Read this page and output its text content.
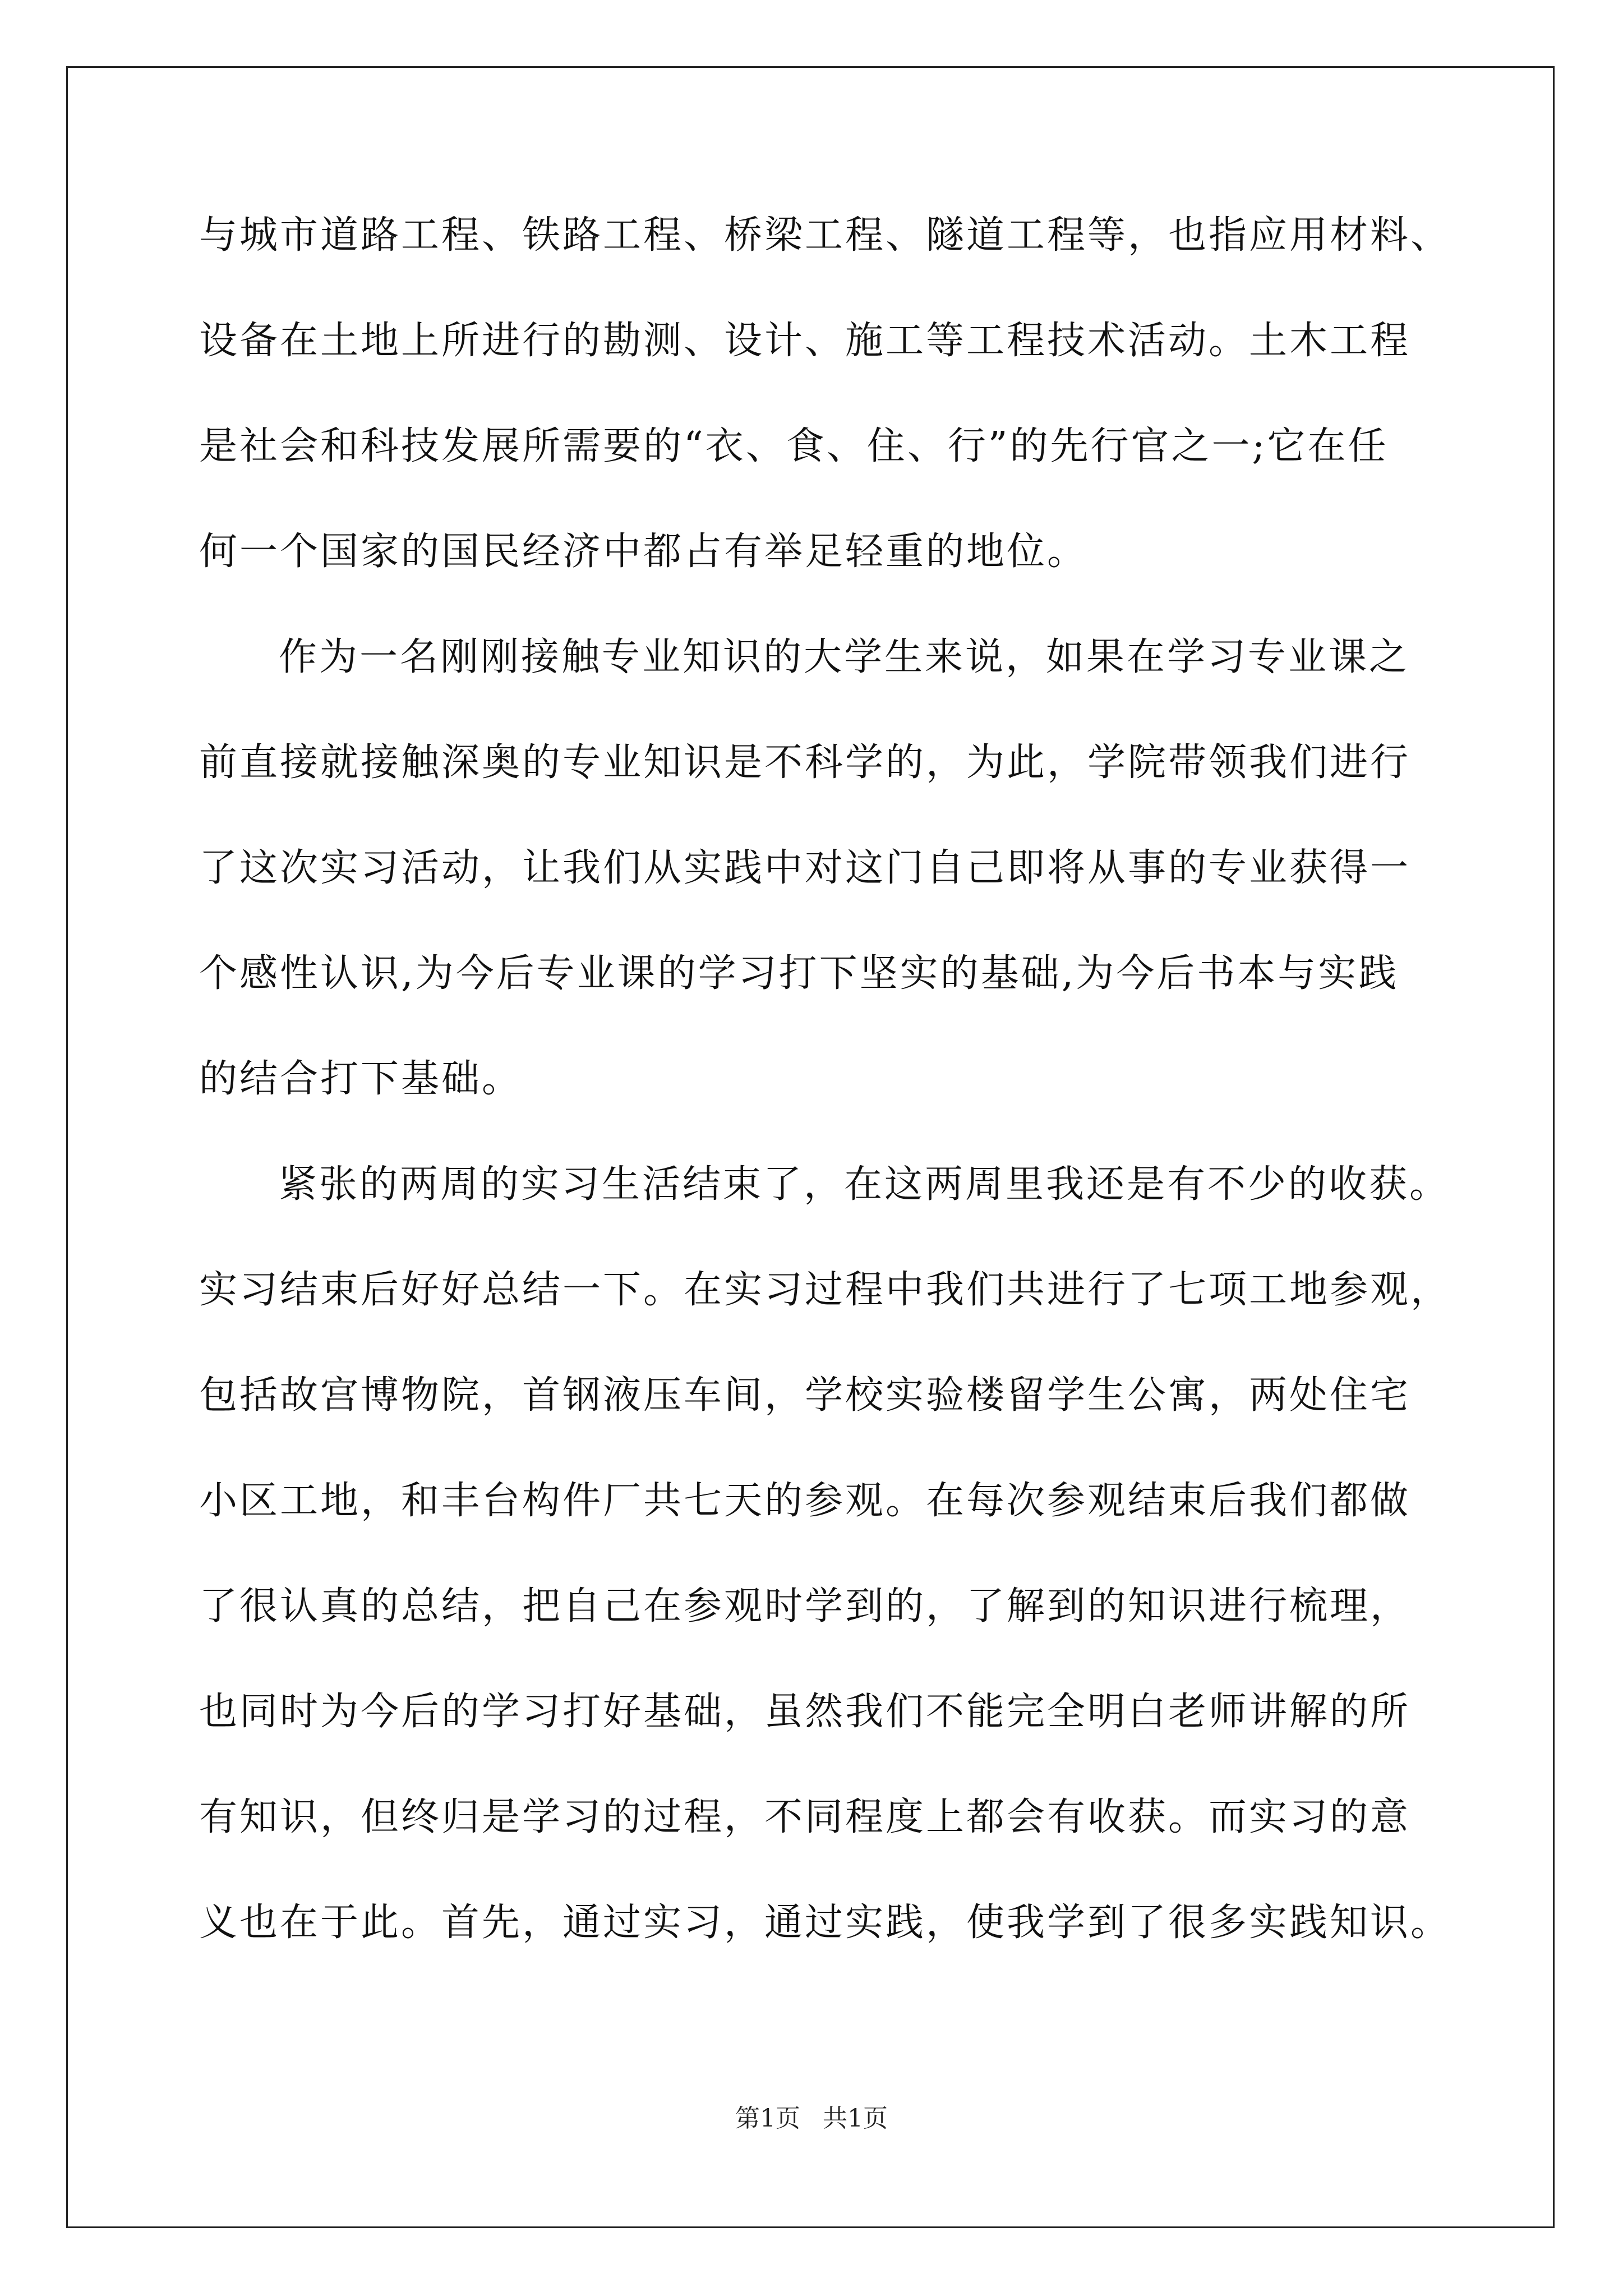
与城市道路工程、铁路工程、桥梁工程、隧道工程等，也指应用材料、
设备在土地上所进行的勘测、设计、施工等工程技术活动。土木工程
是社会和科技发展所需要的“衣、食、住、行”的先行官之一;它在任
何一个国家的国民经济中都占有举足轻重的地位。
作为一名刚刚接触专业知识的大学生来说，如果在学习专业课之
前直接就接触深奥的专业知识是不科学的，为此，学院带领我们进行
了这次实习活动，让我们从实践中对这门自己即将从事的专业获得一
个感性认识,为今后专业课的学习打下坚实的基础,为今后书本与实践
的结合打下基础。
紧张的两周的实习生活结束了，在这两周里我还是有不少的收获。
实习结束后好好总结一下。在实习过程中我们共进行了七项工地参观，
包括故宫博物院，首钢液压车间，学校实验楼留学生公寓，两处住宅
小区工地，和丰台构件厂共七天的参观。在每次参观结束后我们都做
了很认真的总结，把自己在参观时学到的，了解到的知识进行梳理，
也同时为今后的学习打好基础，虽然我们不能完全明白老师讲解的所
有知识，但终归是学习的过程，不同程度上都会有收获。而实习的意
义也在于此。首先，通过实习，通过实践，使我学到了很多实践知识。
第1页 共1页
